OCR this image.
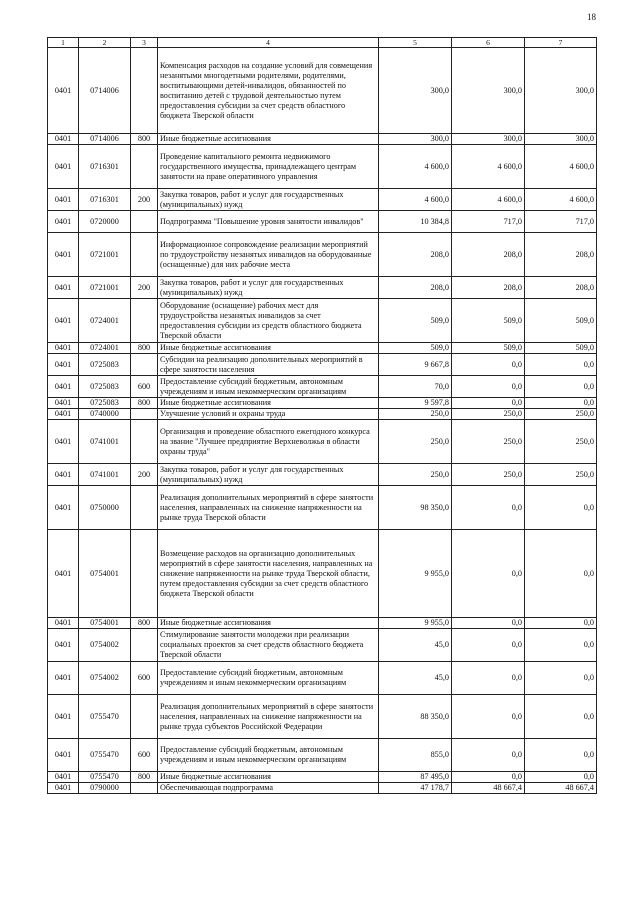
18
1	2	3	4	5	6	7
0401	0714006		Компенсация расходов на создание условий для совмещения незанятыми многодетными родителями, родителями, воспитывающими детей-инвалидов, обязанностей по воспитанию детей с трудовой деятельностью путем предоставления субсидии за счет средств областного бюджета Тверской области	300,0	300,0	300,0
0401	0714006	800	Иные бюджетные ассигнования	300,0	300,0	300,0
0401	0716301		Проведение капитального ремонта недвижимого государственного имущества, принадлежащего центрам занятости на праве оперативного управления	4 600,0	4 600,0	4 600,0
0401	0716301	200	Закупка товаров, работ и услуг для государственных (муниципальных) нужд	4 600,0	4 600,0	4 600,0
0401	0720000		Подпрограмма "Повышение уровня занятости инвалидов"	10 384,8	717,0	717,0
0401	0721001		Информационное сопровождение реализации мероприятий по трудоустройству незанятых инвалидов на оборудованные (оснащенные) для них рабочие места	208,0	208,0	208,0
0401	0721001	200	Закупка товаров, работ и услуг для государственных (муниципальных) нужд	208,0	208,0	208,0
0401	0724001		Оборудование (оснащение) рабочих мест для трудоустройства незанятых инвалидов за счет предоставления субсидии из средств областного бюджета Тверской области	509,0	509,0	509,0
0401	0724001	800	Иные бюджетные ассигнования	509,0	509,0	509,0
0401	0725083		Субсидии на реализацию дополнительных мероприятий в сфере занятости населения	9 667,8	0,0	0,0
0401	0725083	600	Предоставление субсидий бюджетным, автономным учреждениям и иным некоммерческим организациям	70,0	0,0	0,0
0401	0725083	800	Иные бюджетные ассигнования	9 597,8	0,0	0,0
0401	0740000		Улучшение условий и охраны труда	250,0	250,0	250,0
0401	0741001		Организация и проведение областного ежегодного конкурса на звание "Лучшее предприятие Верхневолжья в области охраны труда"	250,0	250,0	250,0
0401	0741001	200	Закупка товаров, работ и услуг для государственных (муниципальных) нужд	250,0	250,0	250,0
0401	0750000		Реализация дополнительных мероприятий в сфере занятости населения, направленных на снижение напряженности на рынке труда Тверской области	98 350,0	0,0	0,0
0401	0754001		Возмещение расходов на организацию дополнительных мероприятий в сфере занятости населения, направленных на снижение напряженности на рынке труда Тверской области, путем предоставления субсидии за счет средств областного бюджета Тверской области	9 955,0	0,0	0,0
0401	0754001	800	Иные бюджетные ассигнования	9 955,0	0,0	0,0
0401	0754002		Стимулирование занятости молодежи при реализации социальных проектов за счет средств областного бюджета Тверской области	45,0	0,0	0,0
0401	0754002	600	Предоставление субсидий бюджетным, автономным учреждениям и иным некоммерческим организациям	45,0	0,0	0,0
0401	0755470		Реализация дополнительных мероприятий в сфере занятости населения, направленных на снижение напряженности на рынке труда субъектов Российской Федерации	88 350,0	0,0	0,0
0401	0755470	600	Предоставление субсидий бюджетным, автономным учреждениям и иным некоммерческим организациям	855,0	0,0	0,0
0401	0755470	800	Иные бюджетные ассигнования	87 495,0	0,0	0,0
0401	0790000		Обеспечивающая подпрограмма	47 178,7	48 667,4	48 667,4
